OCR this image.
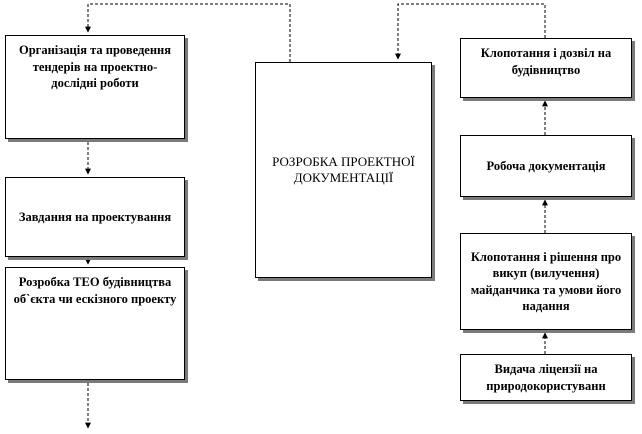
Організація та проведення тендерів на проектно-дослідні роботи
Завдання на проектування
Розробка ТЕО будівництва об`єкта чи ескізного проекту
РОЗРОБКА ПРОЕКТНОЇ ДОКУМЕНТАЦІЇ
Клопотання і дозвіл на будівництво
Робоча документація
Клопотання і рішення про викуп (вилучення) майданчика та умови його надання
Видача ліцензії на природокористуванн
